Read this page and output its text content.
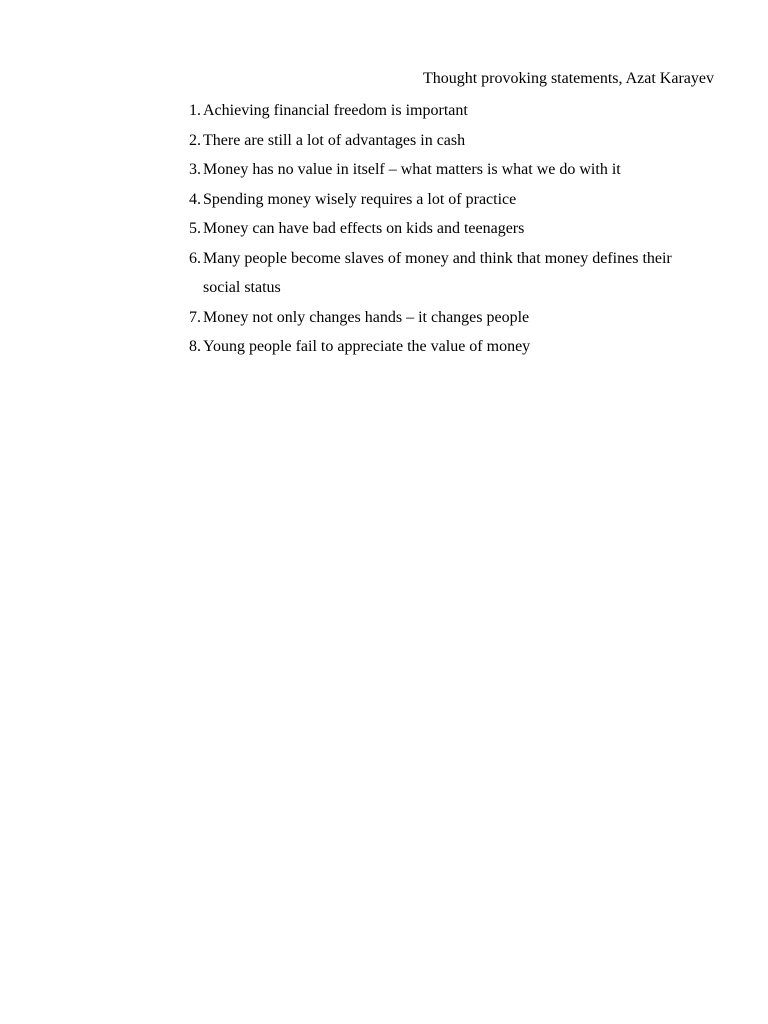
Thought provoking statements, Azat Karayev
1 . Achieving financial freedom is important
2 . There are still a lot of advantages in cash
3 . Money has no value in itself – what matters is what we do with it
4 . Spending money wisely requires a lot of practice
5 . Money can have bad effects on kids and teenagers
6 . Many people become slaves of money and think that money defines their social status
7 . Money not only changes hands – it changes people
8 . Young people fail to appreciate the value of money
